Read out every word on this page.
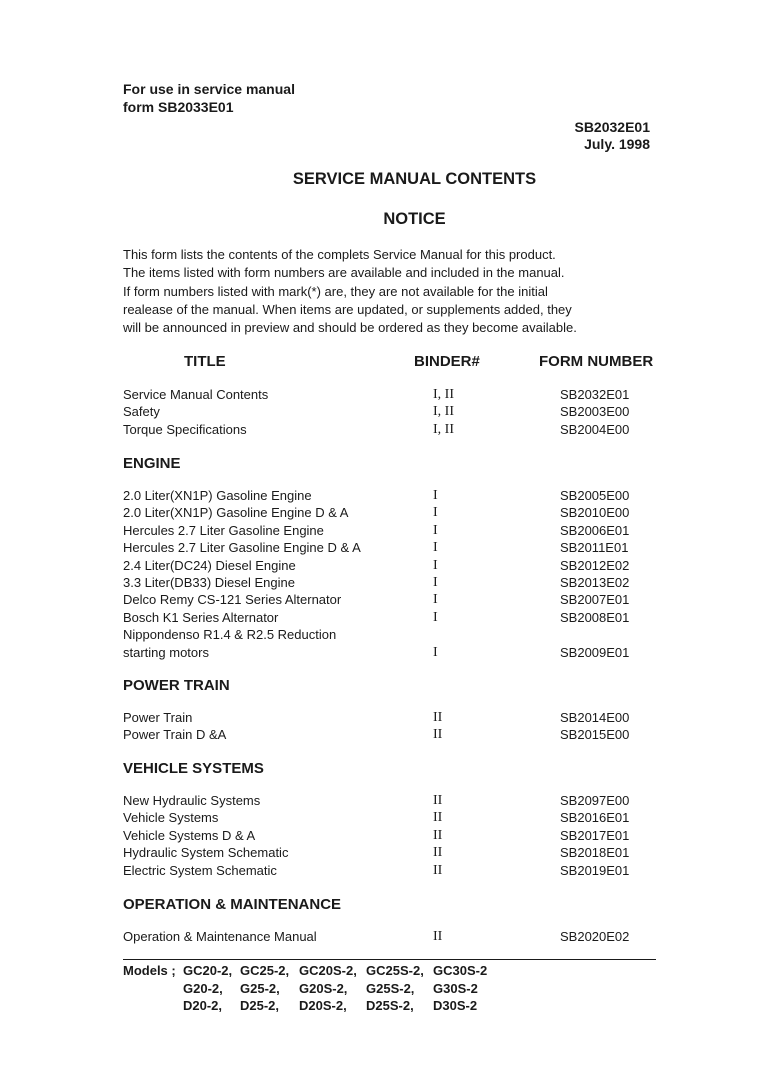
For use in service manual
form SB2033E01
SB2032E01
July. 1998
SERVICE MANUAL CONTENTS
NOTICE
This form lists the contents of the complets Service Manual for this product.
The items listed with form numbers are available and included in the manual.
If form numbers listed with mark(*) are, they are not available for the initial
realease of the manual. When items are updated, or supplements added, they
will be announced in preview and should be ordered as they become available.
TITLE	BINDER#	FORM NUMBER
Service Manual Contents	I, II	SB2032E01
Safety	I, II	SB2003E00
Torque Specifications	I, II	SB2004E00
ENGINE
2.0 Liter(XN1P) Gasoline Engine	I	SB2005E00
2.0 Liter(XN1P) Gasoline Engine D & A	I	SB2010E00
Hercules 2.7 Liter Gasoline Engine	I	SB2006E01
Hercules 2.7 Liter Gasoline Engine D & A	I	SB2011E01
2.4 Liter(DC24) Diesel Engine	I	SB2012E02
3.3 Liter(DB33) Diesel Engine	I	SB2013E02
Delco Remy CS-121 Series Alternator	I	SB2007E01
Bosch K1 Series Alternator	I	SB2008E01
Nippondenso R1.4 & R2.5 Reduction
starting motors	I	SB2009E01
POWER TRAIN
Power Train	II	SB2014E00
Power Train D &A	II	SB2015E00
VEHICLE SYSTEMS
New Hydraulic Systems	II	SB2097E00
Vehicle Systems	II	SB2016E01
Vehicle Systems D & A	II	SB2017E01
Hydraulic System Schematic	II	SB2018E01
Electric System Schematic	II	SB2019E01
OPERATION & MAINTENANCE
Operation & Maintenance Manual	II	SB2020E02
Models ; GC20-2, GC25-2, GC20S-2, GC25S-2, GC30S-2
G20-2, G25-2, G20S-2, G25S-2, G30S-2
D20-2, D25-2, D20S-2, D25S-2, D30S-2
